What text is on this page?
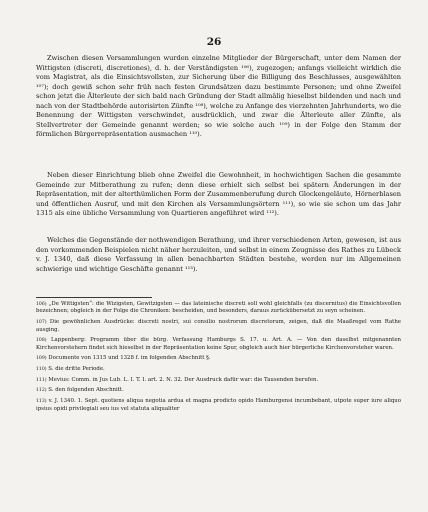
26
Zwischen diesen Versammlungen wurden einzelne Mitglieder der Bürgerschaft, unter dem Namen der Wittigsten (discreti, discretiones), d. h. der Verständigsten ¹⁰⁶), zugezogen; anfangs vielleicht wirklich die vom Magistrat, als die Einsichtsvollsten, zur Sicherung über die Billigung des Beschlusses, ausgewählten ¹⁰⁷); doch gewiß schon sehr früh nach festen Grundsätzen dazu bestimmte Personen; und ohne Zweifel schon jetzt die Älterleute der sich bald nach Gründung der Stadt allmälig hieselbst bildenden und nach und nach von der Stadtbehörde autorisirten Zünfte ¹⁰⁸), welche zu Anfange des vierzehnten Jahrhunderts, wo die Benennung der Wittigsten verschwindet, ausdrücklich, und zwar die Älterleute aller Zünfte, als Stellvertreter der Gemeinde genannt werden; so wie solche auch ¹⁰⁹) in der Folge den Stamm der förmlichen Bürgerrepräsentation ausmachen ¹¹⁰).
Neben dieser Einrichtung blieb ohne Zweifel die Gewohnheit, in hochwichtigen Sachen die gesammte Gemeinde zur Mitberathung zu rufen; denn diese erhielt sich selbst bei spätern Änderungen in der Repräsentation, mit der alterthümlichen Form der Zusammenberufung durch Glockengeläute, Hörnerblasen und öffentlichen Ausruf, und mit den Kirchen als Versammlungsörtern ¹¹¹), so wie sie schon um das Jahr 1315 als eine übliche Versammlung von Quartieren angeführet wird ¹¹²).
Welches die Gegenstände der nothwendigen Berathung, und ihrer verschiedenen Arten, gewesen, ist aus den vorkommenden Beispielen nicht näher herzuleiten, und selbst in einem Zeugnisse des Rathes zu Lübeck v. J. 1340, daß diese Verfassung in allen benachbarten Städten bestehe, werden nur im Allgemeinen schwierige und wichtige Geschäfte genannt ¹¹³).
106) „De Wittigsten“: die Wizigsten, Gewitzigsten — das lateinische discreti soll wohl gleichfalls (zu discernitus) die Einsichtsvollen bezeichnen; obgleich in der Folge die Chroniken: bescheiden, und besonders, daraus zurückübersetzt zu seyn scheinen.
107) Die gewöhnlichen Ausdrücke: discreti nostri, sui consilio nostrorum discretorum, zeigen, daß die Maaßregel vom Rathe ausging.
108) Lappenberg: Programm über die bürg. Verfassung Hamburgs S. 17. u. Art. A. — Von den daselbst mitgenannten Kirchenvorstehern findet sich hieselbst in der Repräsentation keine Spur, obgleich auch hier bürgerliche Kirchenvorsteher waren.
109) Documente von 1315 und 1328 f. im folgenden Abschnitt §.
110) S. die dritte Periode.
111) Mevius: Comm. in Jus Lub. L. I. T. I. art. 2. N. 32. Der Ausdruck dafür war: die Tausenden berufen.
112) S. den folgenden Abschnitt.
113) v. J. 1340. 1. Sept. quotiens aliqua negotia ardua et magna prodicto opido Hamburgensi incumbebant, utpote super iure aliquo ipsius opidi privilegiali seu ius vel statuta aliqualiter
